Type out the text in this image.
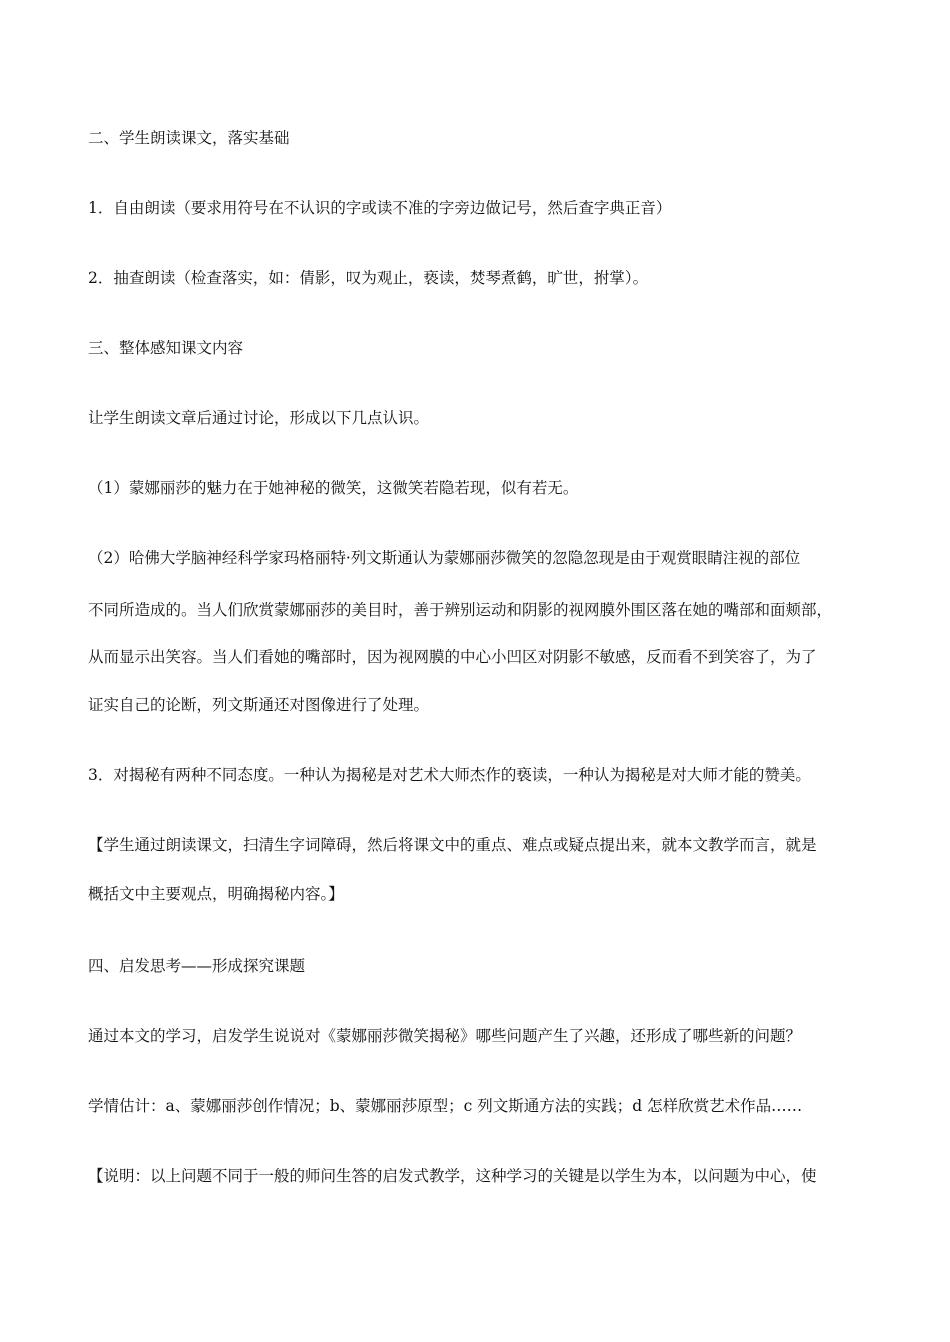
二、学生朗读课文，落实基础
1．自由朗读（要求用符号在不认识的字或读不准的字旁边做记号，然后查字典正音）
2．抽查朗读（检查落实，如：倩影，叹为观止，亵读，焚琴煮鹤，旷世，拊掌）。
三、整体感知课文内容
让学生朗读文章后通过讨论，形成以下几点认识。
（1）蒙娜丽莎的魅力在于她神秘的微笑，这微笑若隐若现，似有若无。
（2）哈佛大学脑神经科学家玛格丽特·列文斯通认为蒙娜丽莎微笑的忽隐忽现是由于观赏眼睛注视的部位
不同所造成的。当人们欣赏蒙娜丽莎的美目时，善于辨别运动和阴影的视网膜外围区落在她的嘴部和面颊部，
从而显示出笑容。当人们看她的嘴部时，因为视网膜的中心小凹区对阴影不敏感，反而看不到笑容了，为了
证实自己的论断，列文斯通还对图像进行了处理。
3．对揭秘有两种不同态度。一种认为揭秘是对艺术大师杰作的亵读，一种认为揭秘是对大师才能的赞美。
【学生通过朗读课文，扫清生字词障碍，然后将课文中的重点、难点或疑点提出来，就本文教学而言，就是
概括文中主要观点，明确揭秘内容。】
四、启发思考——形成探究课题
通过本文的学习，启发学生说说对《蒙娜丽莎微笑揭秘》哪些问题产生了兴趣，还形成了哪些新的问题？
学情估计：a、蒙娜丽莎创作情况；b、蒙娜丽莎原型；c 列文斯通方法的实践；d 怎样欣赏艺术作品……
【说明：以上问题不同于一般的师问生答的启发式教学，这种学习的关键是以学生为本，以问题为中心，使
